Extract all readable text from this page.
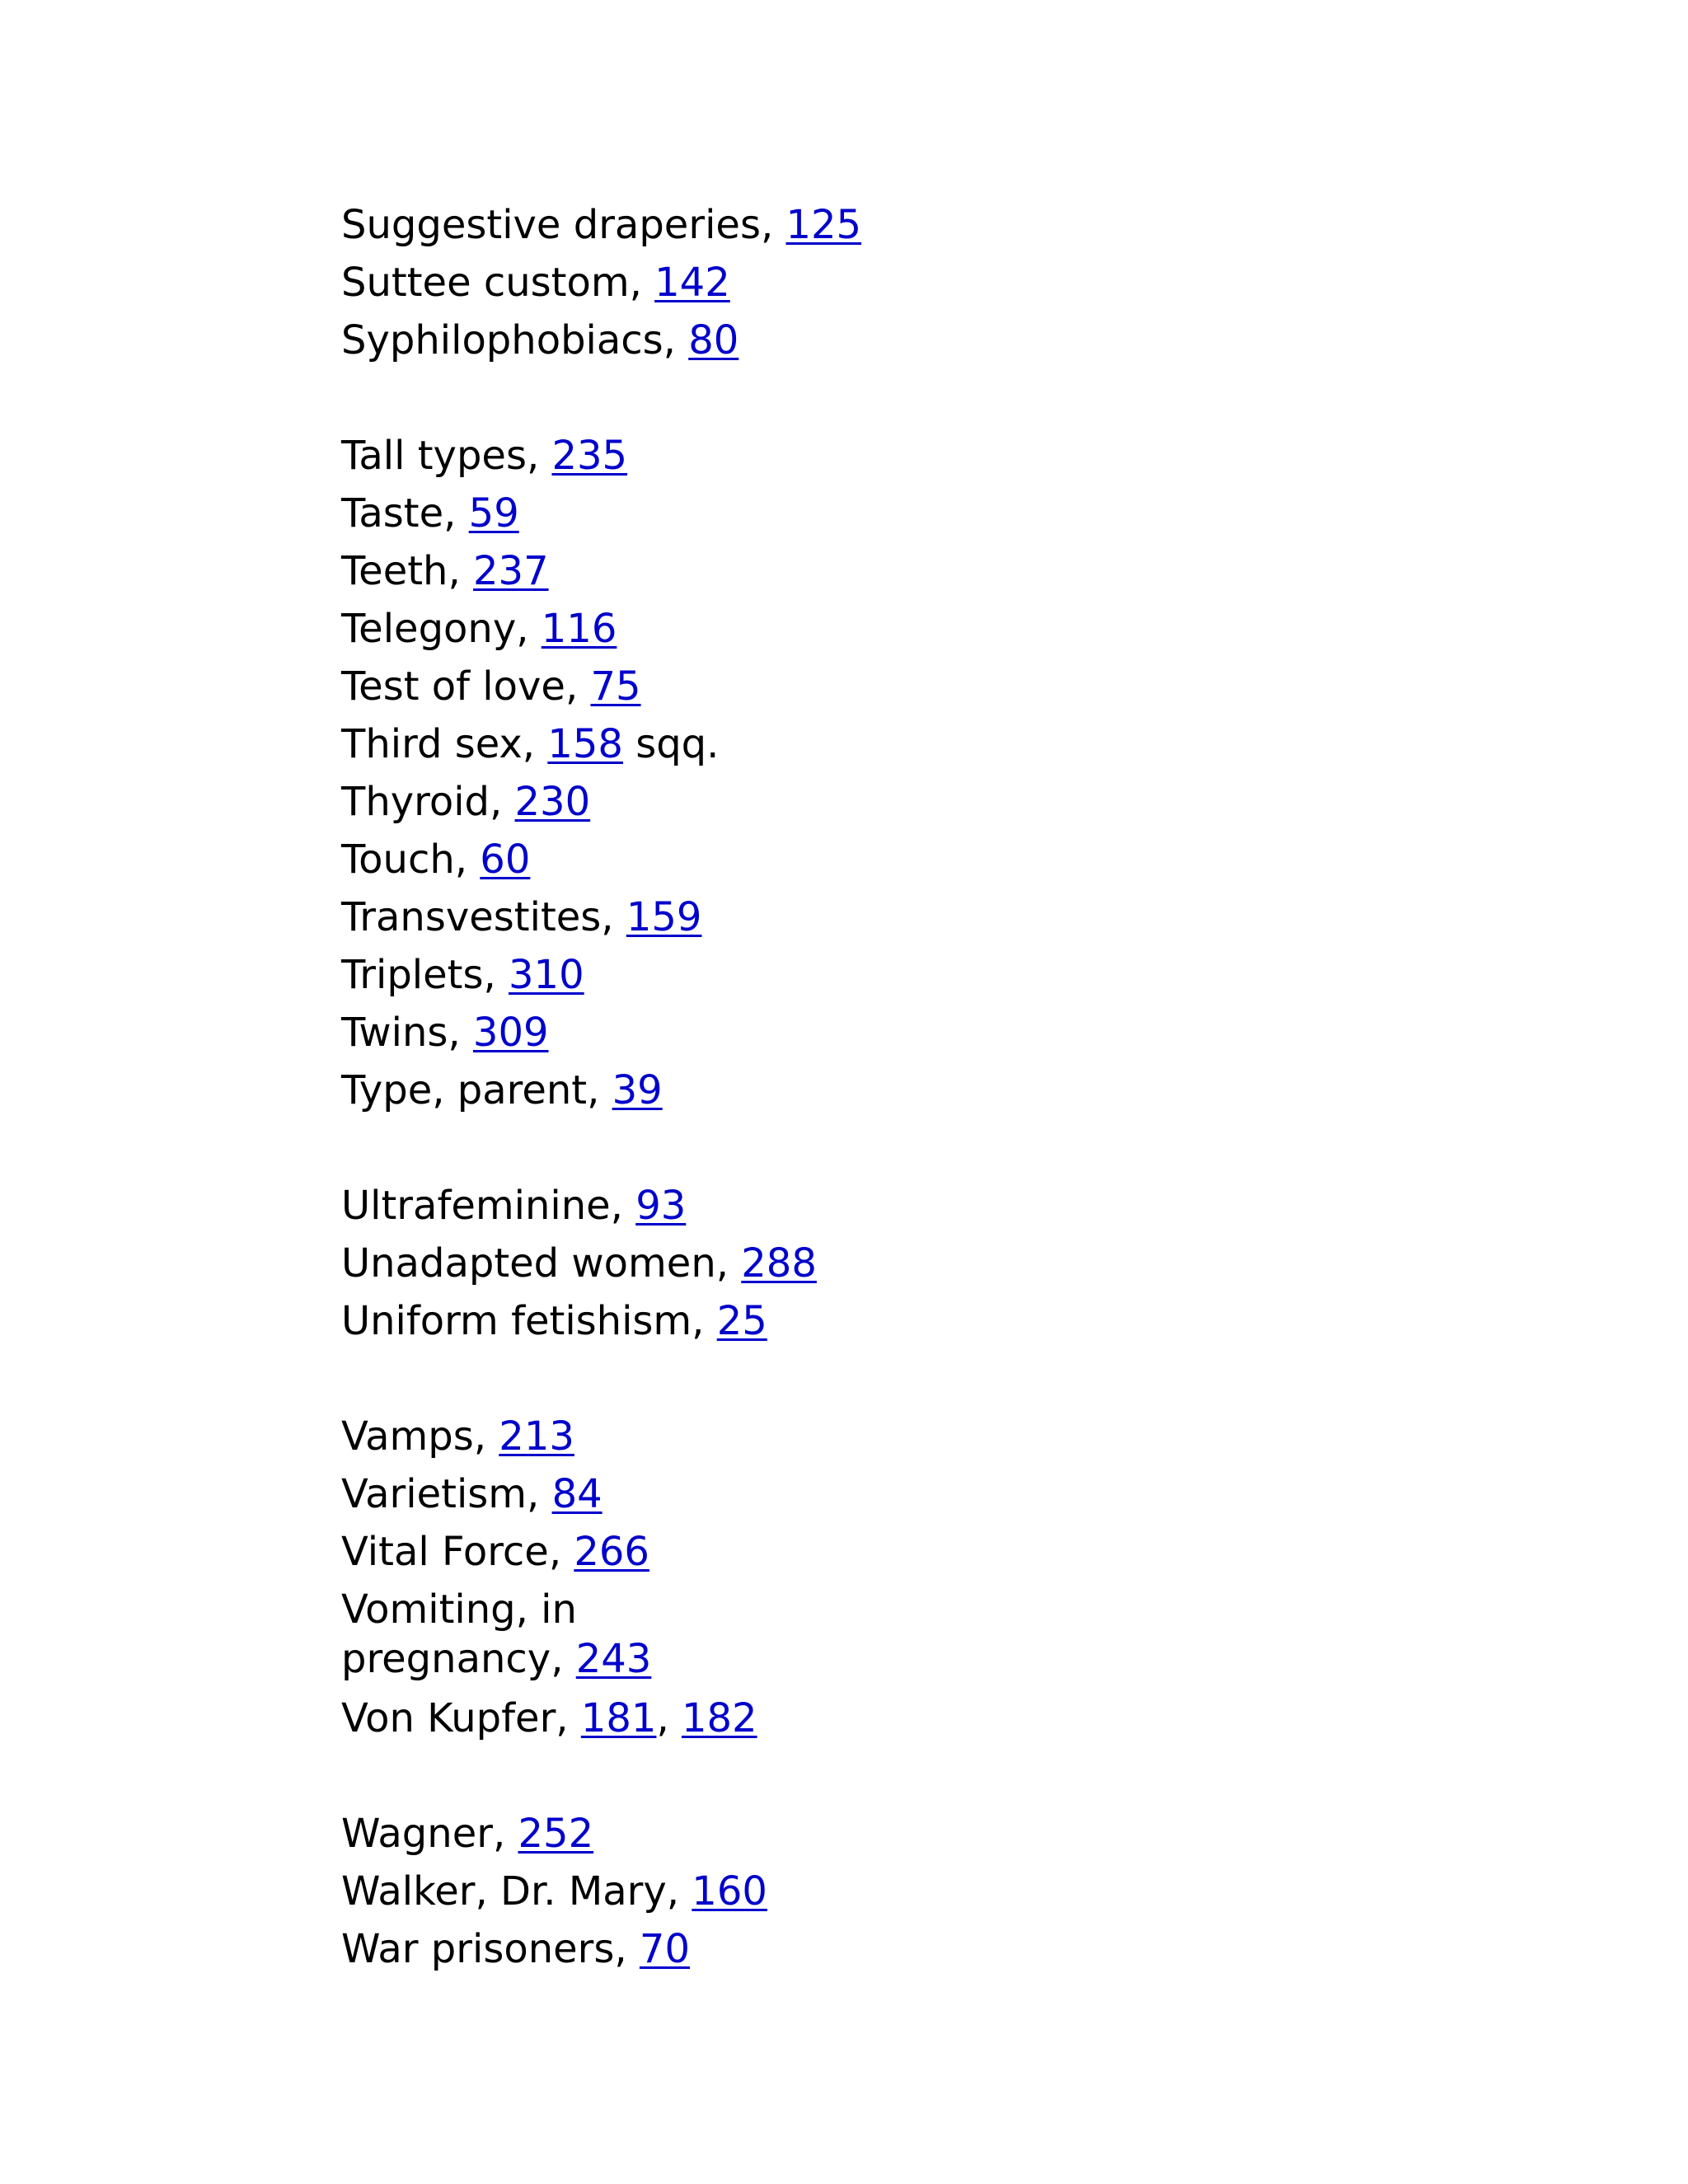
Suggestive draperies, 125
Suttee custom, 142
Syphilophobiacs, 80
Tall types, 235
Taste, 59
Teeth, 237
Telegony, 116
Test of love, 75
Third sex, 158 sqq.
Thyroid, 230
Touch, 60
Transvestites, 159
Triplets, 310
Twins, 309
Type, parent, 39
Ultrafeminine, 93
Unadapted women, 288
Uniform fetishism, 25
Vamps, 213
Varietism, 84
Vital Force, 266
Vomiting, in pregnancy, 243
Von Kupfer, 181, 182
Wagner, 252
Walker, Dr. Mary, 160
War prisoners, 70
